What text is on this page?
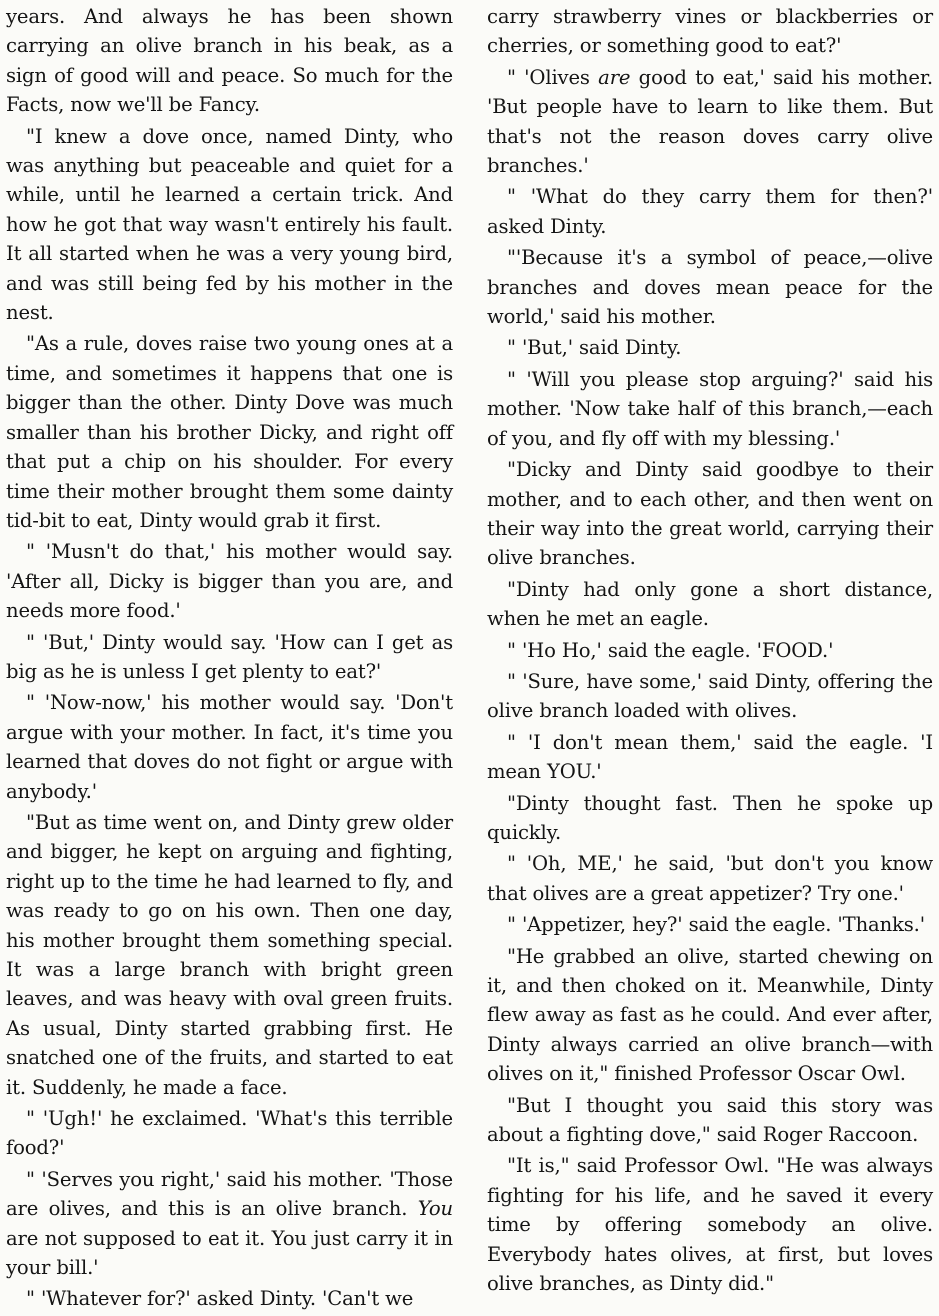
years. And always he has been shown carrying an olive branch in his beak, as a sign of good will and peace. So much for the Facts, now we'll be Fancy.

"I knew a dove once, named Dinty, who was anything but peaceable and quiet for a while, until he learned a certain trick. And how he got that way wasn't entirely his fault. It all started when he was a very young bird, and was still being fed by his mother in the nest.

"As a rule, doves raise two young ones at a time, and sometimes it happens that one is bigger than the other. Dinty Dove was much smaller than his brother Dicky, and right off that put a chip on his shoulder. For every time their mother brought them some dainty tid-bit to eat, Dinty would grab it first.

" 'Musn't do that,' his mother would say. 'After all, Dicky is bigger than you are, and needs more food.'

" 'But,' Dinty would say. 'How can I get as big as he is unless I get plenty to eat?'

" 'Now-now,' his mother would say. 'Don't argue with your mother. In fact, it's time you learned that doves do not fight or argue with anybody.'

"But as time went on, and Dinty grew older and bigger, he kept on arguing and fighting, right up to the time he had learned to fly, and was ready to go on his own. Then one day, his mother brought them something special. It was a large branch with bright green leaves, and was heavy with oval green fruits. As usual, Dinty started grabbing first. He snatched one of the fruits, and started to eat it. Suddenly, he made a face.

" 'Ugh!' he exclaimed. 'What's this terrible food?'

" 'Serves you right,' said his mother. 'Those are olives, and this is an olive branch. You are not supposed to eat it. You just carry it in your bill.'

" 'Whatever for?' asked Dinty. 'Can't we

carry strawberry vines or blackberries or cherries, or something good to eat?'

" 'Olives are good to eat,' said his mother. 'But people have to learn to like them. But that's not the reason doves carry olive branches.'

" 'What do they carry them for then?' asked Dinty.

"'Because it's a symbol of peace,—olive branches and doves mean peace for the world,' said his mother.

" 'But,' said Dinty.

" 'Will you please stop arguing?' said his mother. 'Now take half of this branch,—each of you, and fly off with my blessing.'

"Dicky and Dinty said goodbye to their mother, and to each other, and then went on their way into the great world, carrying their olive branches.

"Dinty had only gone a short distance, when he met an eagle.

" 'Ho Ho,' said the eagle. 'FOOD.'

" 'Sure, have some,' said Dinty, offering the olive branch loaded with olives.

" 'I don't mean them,' said the eagle. 'I mean YOU.'

"Dinty thought fast. Then he spoke up quickly.

" 'Oh, ME,' he said, 'but don't you know that olives are a great appetizer? Try one.'

" 'Appetizer, hey?' said the eagle. 'Thanks.'

"He grabbed an olive, started chewing on it, and then choked on it. Meanwhile, Dinty flew away as fast as he could. And ever after, Dinty always carried an olive branch—with olives on it," finished Professor Oscar Owl.

"But I thought you said this story was about a fighting dove," said Roger Raccoon.

"It is," said Professor Owl. "He was always fighting for his life, and he saved it every time by offering somebody an olive. Everybody hates olives, at first, but loves olive branches, as Dinty did."
